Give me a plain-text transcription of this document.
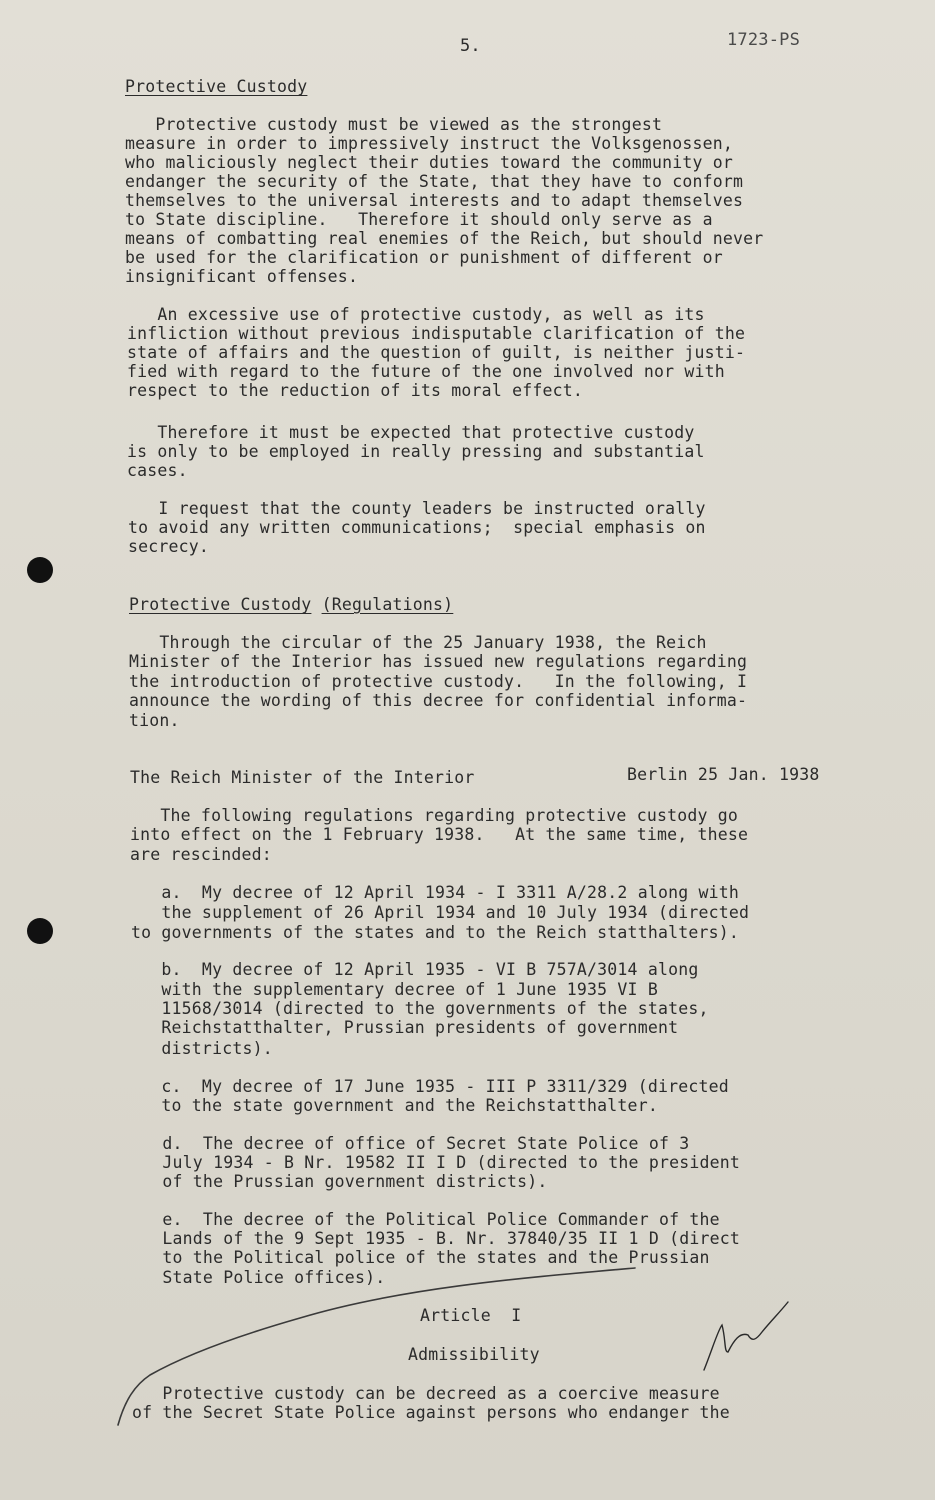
5.	1723-PS
Protective Custody
Protective custody must be viewed as the strongest
measure in order to impressively instruct the Volksgenossen,
who maliciously neglect their duties toward the community or
endanger the security of the State, that they have to conform
themselves to the universal interests and to adapt themselves
to State discipline.   Therefore it should only serve as a
means of combatting real enemies of the Reich, but should never
be used for the clarification or punishment of different or
insignificant offenses.
An excessive use of protective custody, as well as its
infliction without previous indisputable clarification of the
state of affairs and the question of guilt, is neither justi-
fied with regard to the future of the one involved nor with
respect to the reduction of its moral effect.
Therefore it must be expected that protective custody
is only to be employed in really pressing and substantial
cases.
I request that the county leaders be instructed orally
to avoid any written communications;  special emphasis on
secrecy.
Protective Custody (Regulations)
Through the circular of the 25 January 1938, the Reich
Minister of the Interior has issued new regulations regarding
the introduction of protective custody.   In the following, I
announce the wording of this decree for confidential informa-
tion.
The Reich Minister of the Interior	Berlin 25 Jan. 1938
The following regulations regarding protective custody go
into effect on the 1 February 1938.   At the same time, these
are rescinded:
a.  My decree of 12 April 1934 - I 3311 A/28.2 along with
the supplement of 26 April 1934 and 10 July 1934 (directed
to governments of the states and to the Reich statthalters).
b.  My decree of 12 April 1935 - VI B 757A/3014 along
with the supplementary decree of 1 June 1935 VI B
11568/3014 (directed to the governments of the states,
Reichstatthalter, Prussian presidents of government
districts).
c.  My decree of 17 June 1935 - III P 3311/329 (directed
to the state government and the Reichstatthalter.
d.  The decree of office of Secret State Police of 3
July 1934 - B Nr. 19582 II I D (directed to the president
of the Prussian government districts).
e.  The decree of the Political Police Commander of the
Lands of the 9 Sept 1935 - B. Nr. 37840/35 II 1 D (direct
to the Political police of the states and the Prussian
State Police offices).
Article  I
Admissibility
Protective custody can be decreed as a coercive measure
of the Secret State Police against persons who endanger the
